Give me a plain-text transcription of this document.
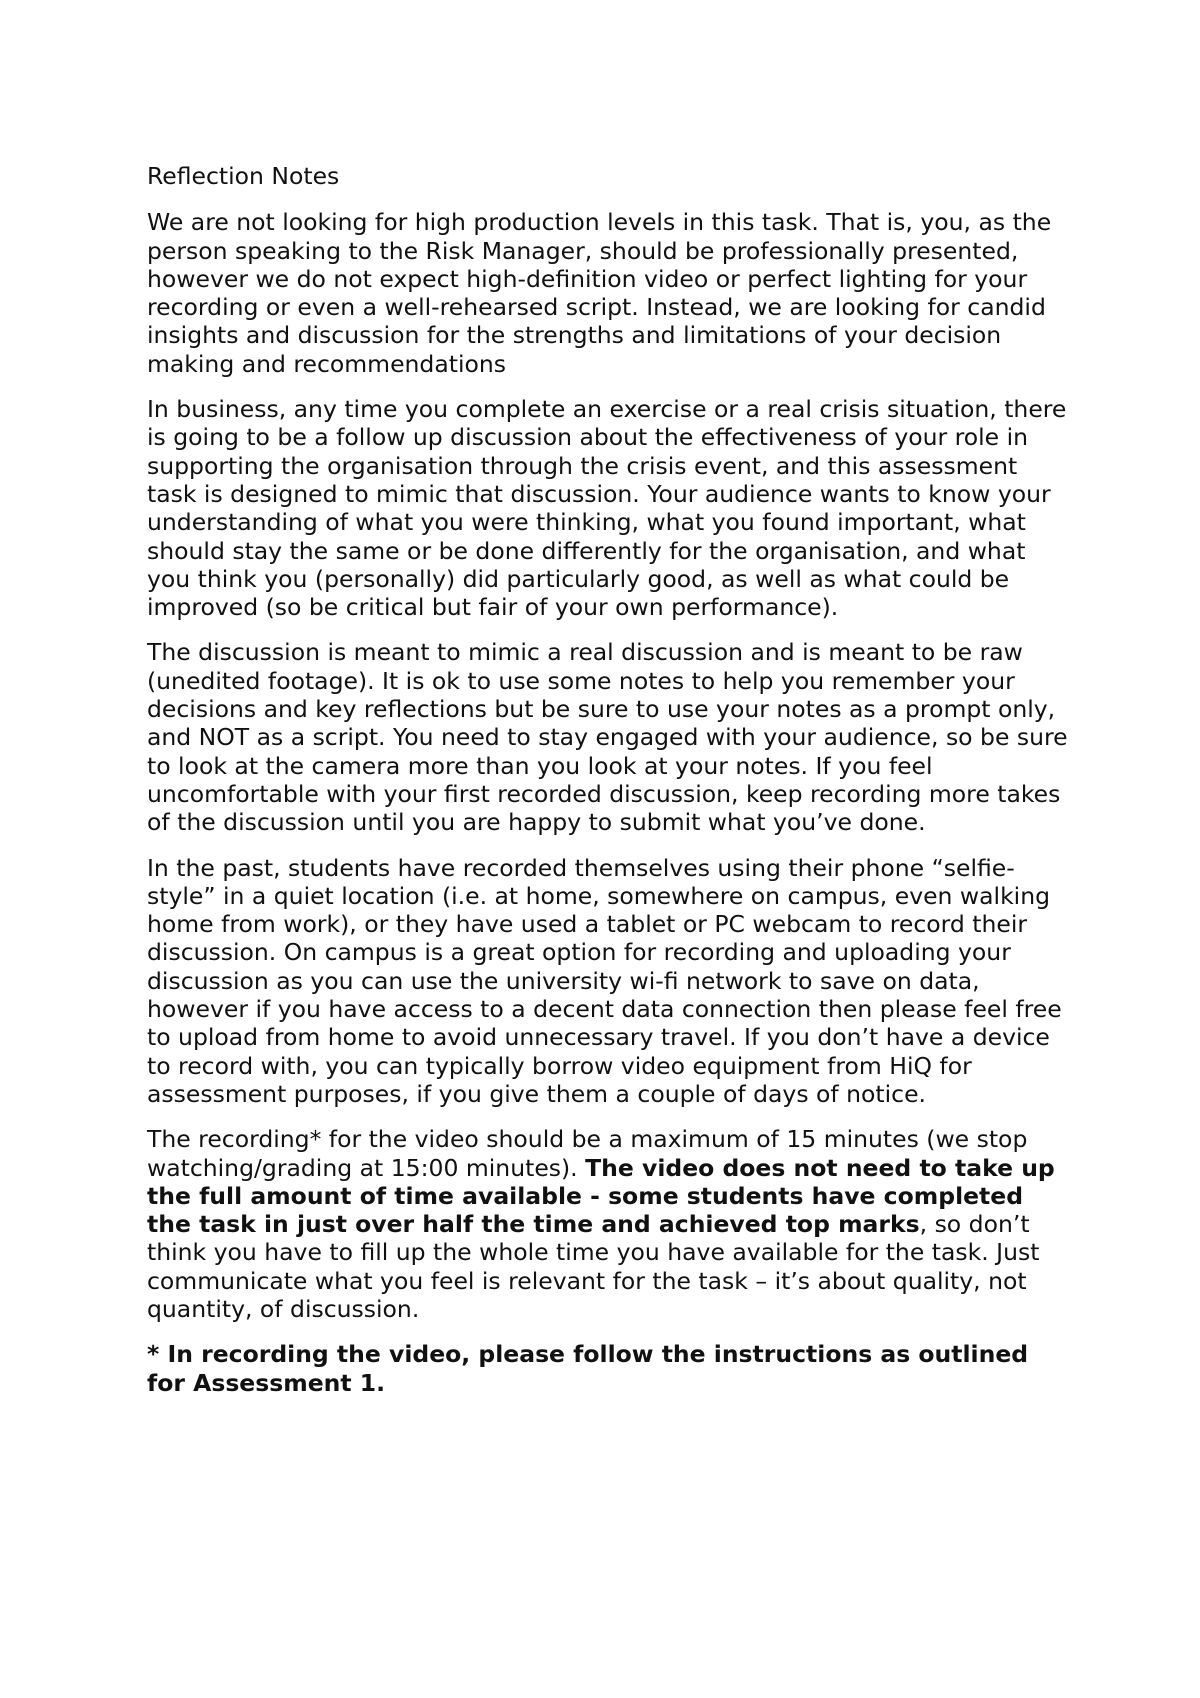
Reflection Notes

We are not looking for high production levels in this task. That is, you, as the person speaking to the Risk Manager, should be professionally presented, however we do not expect high-definition video or perfect lighting for your recording or even a well-rehearsed script. Instead, we are looking for candid insights and discussion for the strengths and limitations of your decision making and recommendations

In business, any time you complete an exercise or a real crisis situation, there is going to be a follow up discussion about the effectiveness of your role in supporting the organisation through the crisis event, and this assessment task is designed to mimic that discussion. Your audience wants to know your understanding of what you were thinking, what you found important, what should stay the same or be done differently for the organisation, and what you think you (personally) did particularly good, as well as what could be improved (so be critical but fair of your own performance).

The discussion is meant to mimic a real discussion and is meant to be raw (unedited footage). It is ok to use some notes to help you remember your decisions and key reflections but be sure to use your notes as a prompt only, and NOT as a script. You need to stay engaged with your audience, so be sure to look at the camera more than you look at your notes. If you feel uncomfortable with your first recorded discussion, keep recording more takes of the discussion until you are happy to submit what you’ve done.

In the past, students have recorded themselves using their phone “selfie-style” in a quiet location (i.e. at home, somewhere on campus, even walking home from work), or they have used a tablet or PC webcam to record their discussion. On campus is a great option for recording and uploading your discussion as you can use the university wi-fi network to save on data, however if you have access to a decent data connection then please feel free to upload from home to avoid unnecessary travel. If you don’t have a device to record with, you can typically borrow video equipment from HiQ for assessment purposes, if you give them a couple of days of notice.

The recording* for the video should be a maximum of 15 minutes (we stop watching/grading at 15:00 minutes). The video does not need to take up the full amount of time available - some students have completed the task in just over half the time and achieved top marks, so don’t think you have to fill up the whole time you have available for the task. Just communicate what you feel is relevant for the task – it’s about quality, not quantity, of discussion.

* In recording the video, please follow the instructions as outlined for Assessment 1.
